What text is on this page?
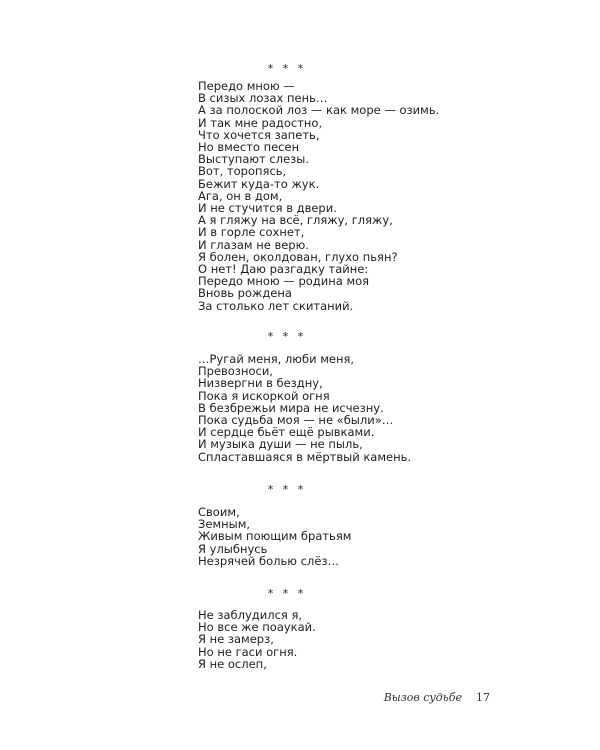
* * *
Передо мною —
В сизых лозах пень…
А за полоской лоз — как море — озимь.
И так мне радостно,
Что хочется запеть,
Но вместо песен
Выступают слезы.
Вот, торопясь,
Бежит куда-то жук.
Ага, он в дом,
И не стучится в двери.
А я гляжу на всё, гляжу, гляжу,
И в горле сохнет,
И глазам не верю.
Я болен, околдован, глухо пьян?
О нет! Даю разгадку тайне:
Передо мною — родина моя
Вновь рождена
За столько лет скитаний.
* * *
…Ругай меня, люби меня,
Превозноси,
Низвергни в бездну,
Пока я искоркой огня
В безбрежьи мира не исчезну.
Пока судьба моя — не «были»…
И сердце бьёт ещё рывками.
И музыка души — не пыль,
Спластавшаяся в мёртвый камень.
* * *
Своим,
Земным,
Живым поющим братьям
Я улыбнусь
Незрячей болью слёз…
* * *
Не заблудился я,
Но все же поаукай.
Я не замерз,
Но не гаси огня.
Я не ослеп,
Вызов судьбе 17
